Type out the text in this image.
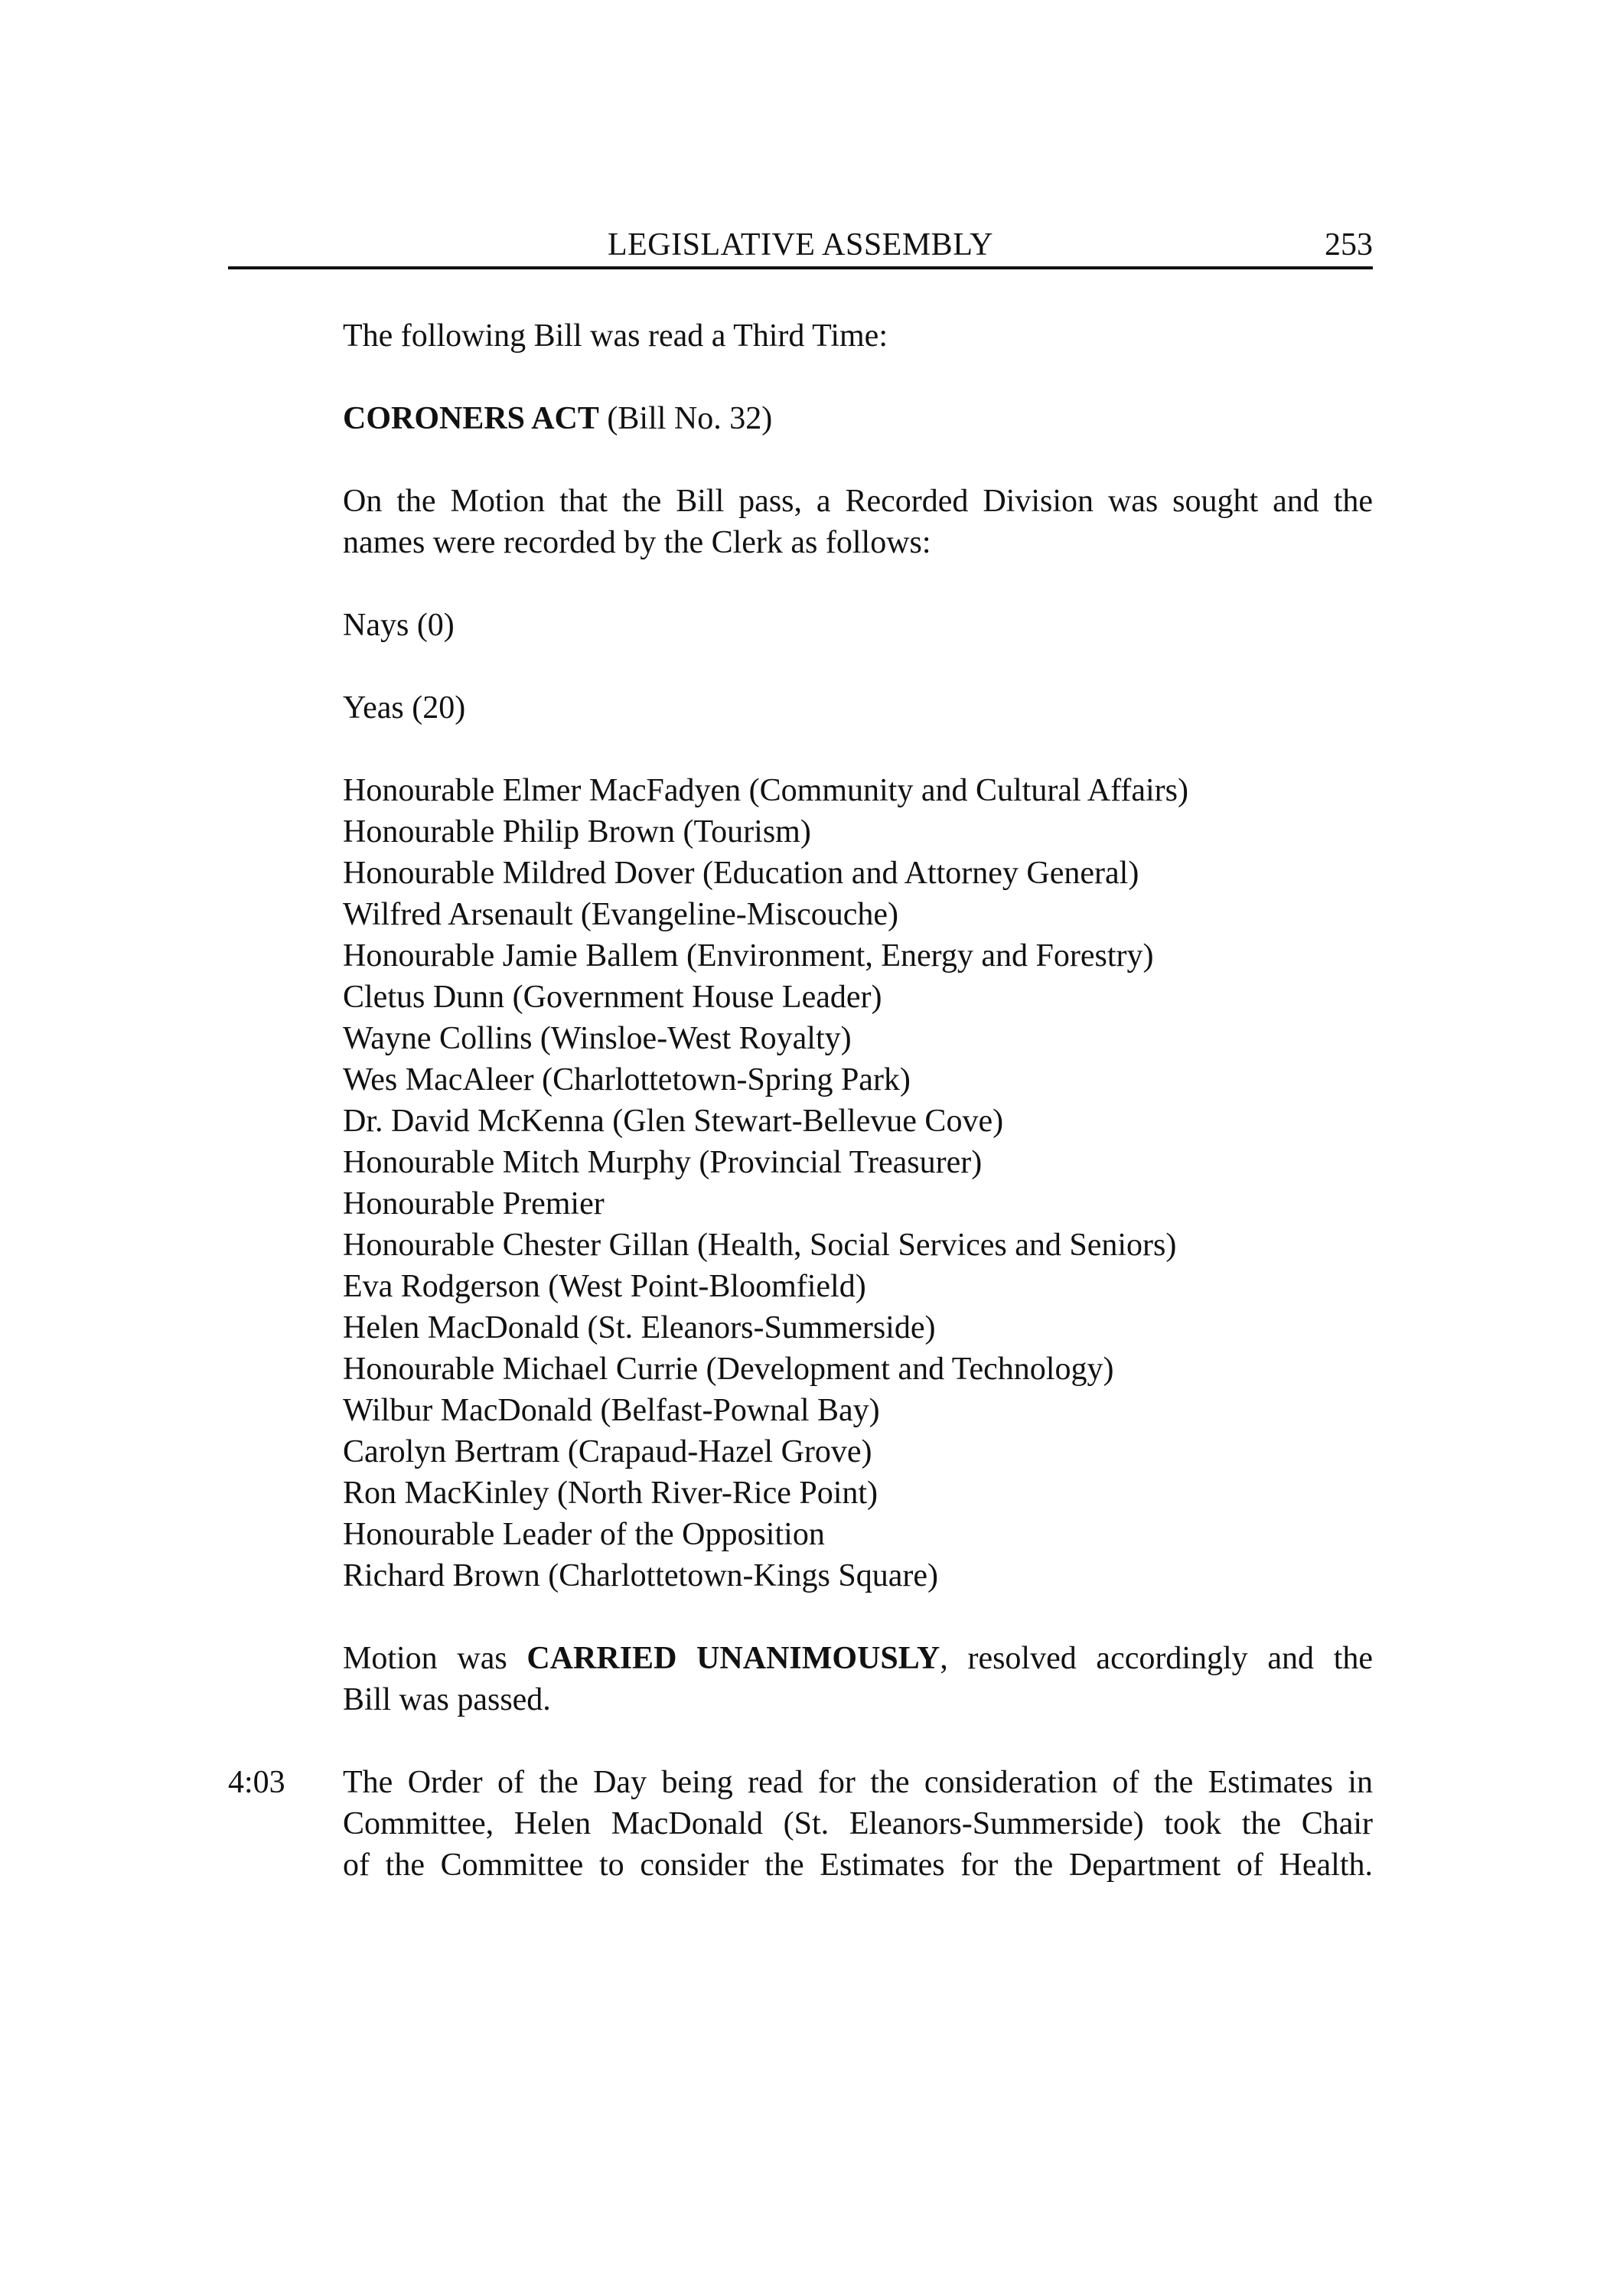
LEGISLATIVE ASSEMBLY	253

The following Bill was read a Third Time:

CORONERS ACT (Bill No. 32)

On the Motion that the Bill pass, a Recorded Division was sought and the
names were recorded by the Clerk as follows:

Nays (0)

Yeas (20)

Honourable Elmer MacFadyen (Community and Cultural Affairs)
Honourable Philip Brown (Tourism)
Honourable Mildred Dover (Education and Attorney General)
Wilfred Arsenault (Evangeline-Miscouche)
Honourable Jamie Ballem (Environment, Energy and Forestry)
Cletus Dunn (Government House Leader)
Wayne Collins (Winsloe-West Royalty)
Wes MacAleer (Charlottetown-Spring Park)
Dr. David McKenna (Glen Stewart-Bellevue Cove)
Honourable Mitch Murphy (Provincial Treasurer)
Honourable Premier
Honourable Chester Gillan (Health, Social Services and Seniors)
Eva Rodgerson (West Point-Bloomfield)
Helen MacDonald (St. Eleanors-Summerside)
Honourable Michael Currie (Development and Technology)
Wilbur MacDonald (Belfast-Pownal Bay)
Carolyn Bertram (Crapaud-Hazel Grove)
Ron MacKinley (North River-Rice Point)
Honourable Leader of the Opposition
Richard Brown (Charlottetown-Kings Square)
Motion was CARRIED UNANIMOUSLY, resolved accordingly and the
Bill was passed.
4:03 The Order of the Day being read for the consideration of the Estimates in
Committee, Helen MacDonald (St. Eleanors-Summerside) took the Chair
of the Committee to consider the Estimates for the Department of Health.
